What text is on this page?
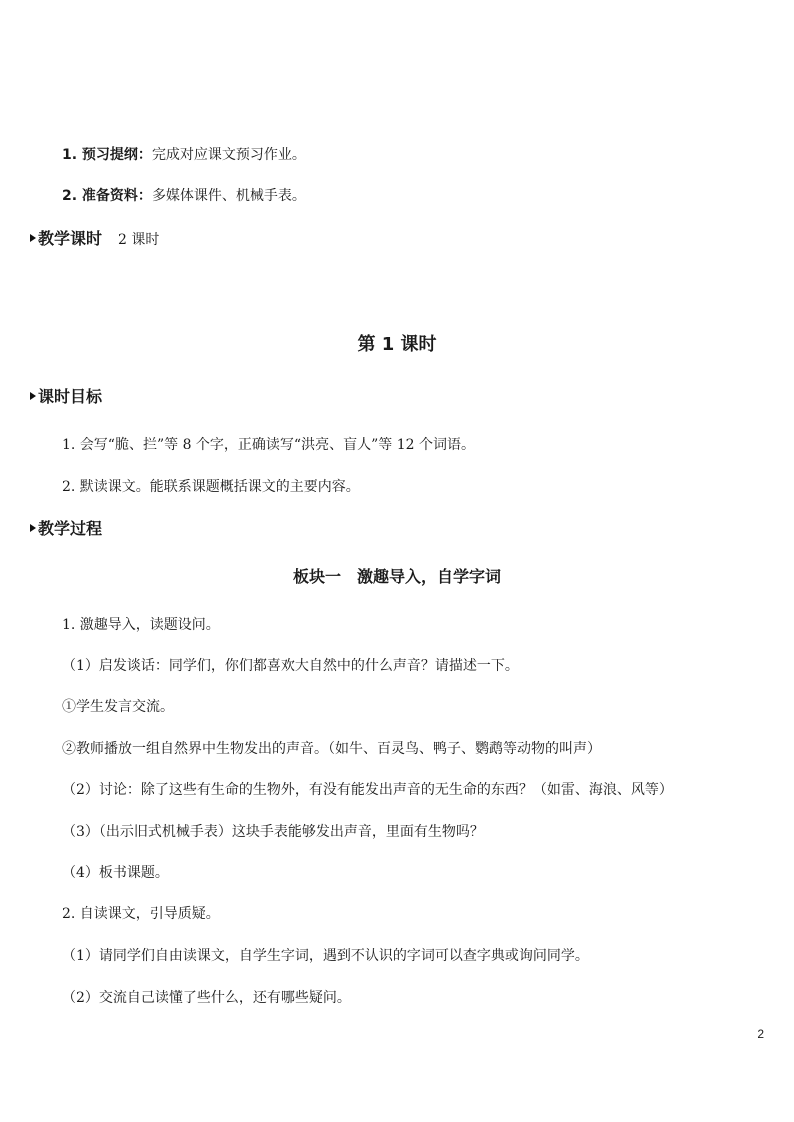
1. 预习提纲：完成对应课文预习作业。
2. 准备资料：多媒体课件、机械手表。
教学课时 2 课时
第 1 课时
课时目标
1. 会写“脆、拦”等 8 个字，正确读写“洪亮、盲人”等 12 个词语。
2. 默读课文。能联系课题概括课文的主要内容。
教学过程
板块一　激趣导入，自学字词
1. 激趣导入，读题设问。
（1）启发谈话：同学们，你们都喜欢大自然中的什么声音？请描述一下。
①学生发言交流。
②教师播放一组自然界中生物发出的声音。（如牛、百灵鸟、鸭子、鹦鹉等动物的叫声）
（2）讨论：除了这些有生命的生物外，有没有能发出声音的无生命的东西？（如雷、海浪、风等）
（3）（出示旧式机械手表）这块手表能够发出声音，里面有生物吗？
（4）板书课题。
2. 自读课文，引导质疑。
（1）请同学们自由读课文，自学生字词，遇到不认识的字词可以查字典或询问同学。
（2）交流自己读懂了些什么，还有哪些疑问。
2
